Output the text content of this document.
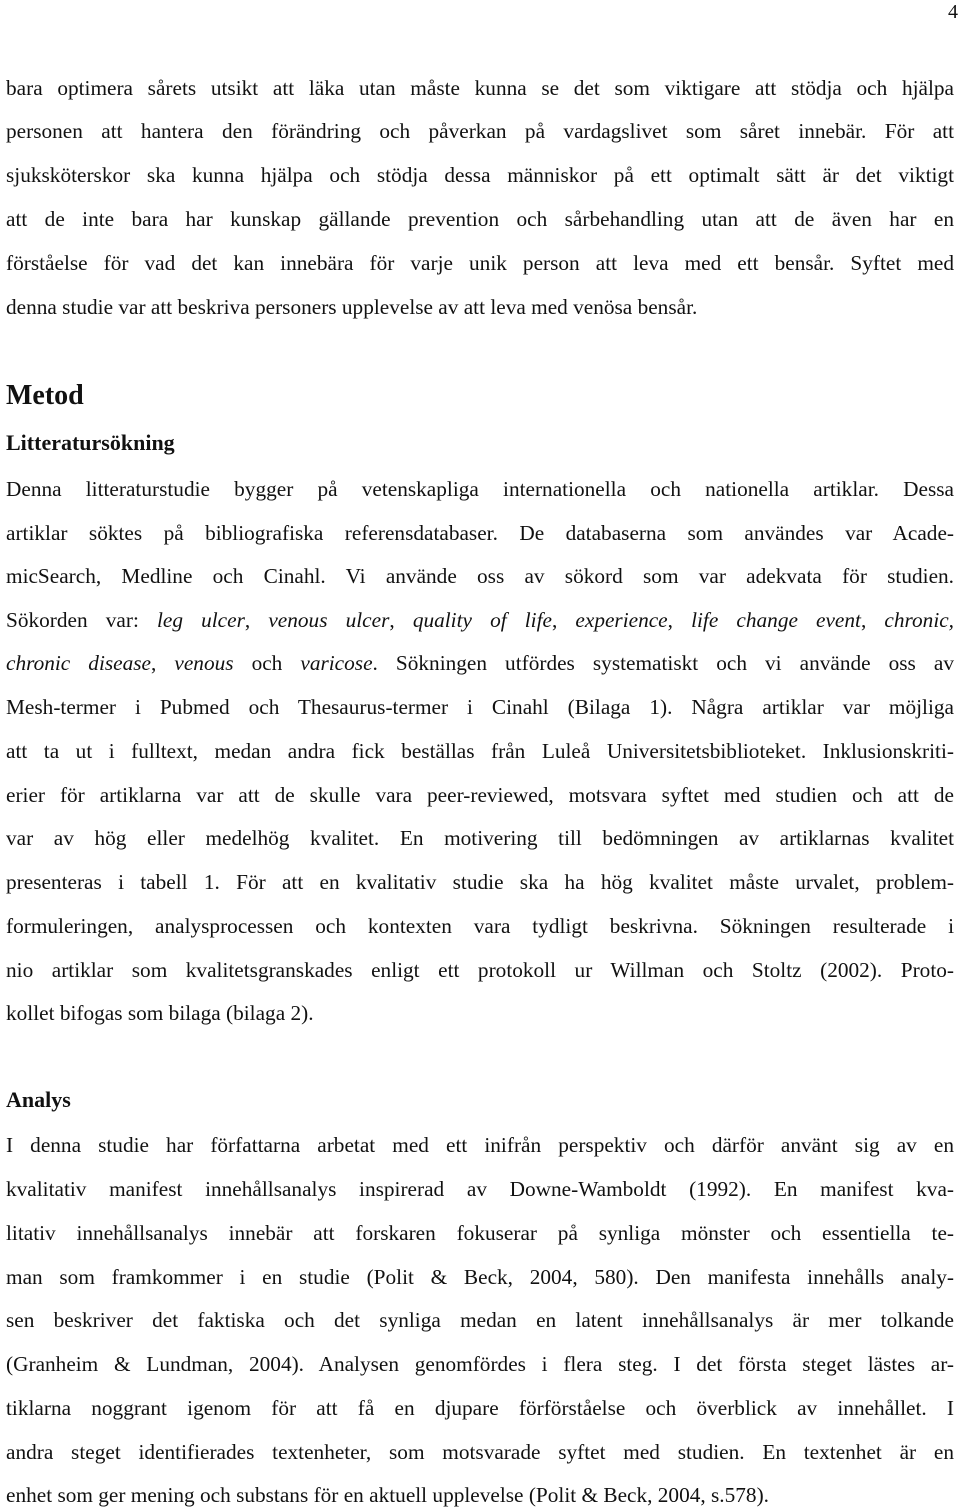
4
bara optimera sårets utsikt att läka utan måste kunna se det som viktigare att stödja och hjälpa
personen att hantera den förändring och påverkan på vardagslivet som såret innebär. För att
sjuksköterskor ska kunna hjälpa och stödja dessa människor på ett optimalt sätt är det viktigt
att de inte bara har kunskap gällande prevention och sårbehandling utan att de även har en
förståelse för vad det kan innebära för varje unik person att leva med ett bensår. Syftet med
denna studie var att beskriva personers upplevelse av att leva med venösa bensår.
Metod
Litteratursökning
Denna litteraturstudie bygger på vetenskapliga internationella och nationella artiklar. Dessa
artiklar söktes på bibliografiska referensdatabaser. De databaserna som användes var Acade-
micSearch, Medline och Cinahl. Vi använde oss av sökord som var adekvata för studien.
Sökorden var: leg ulcer, venous ulcer, quality of life, experience, life change event, chronic,
chronic disease, venous och varicose. Sökningen utfördes systematiskt och vi använde oss av
Mesh-termer i Pubmed och Thesaurus-termer i Cinahl (Bilaga 1). Några artiklar var möjliga
att ta ut i fulltext, medan andra fick beställas från Luleå Universitetsbiblioteket. Inklusionskriti-
erier för artiklarna var att de skulle vara peer-reviewed, motsvara syftet med studien och att de
var av hög eller medelhög kvalitet. En motivering till bedömningen av artiklarnas kvalitet
presenteras i tabell 1. För att en kvalitativ studie ska ha hög kvalitet måste urvalet, problem-
formuleringen, analysprocessen och kontexten vara tydligt beskrivna. Sökningen resulterade i
nio artiklar som kvalitetsgranskades enligt ett protokoll ur Willman och Stoltz (2002). Proto-
kollet bifogas som bilaga (bilaga 2).
Analys
I denna studie har författarna arbetat med ett inifrån perspektiv och därför använt sig av en
kvalitativ manifest innehållsanalys inspirerad av Downe-Wamboldt (1992). En manifest kva-
litativ innehållsanalys innebär att forskaren fokuserar på synliga mönster och essentiella te-
man som framkommer i en studie (Polit & Beck, 2004, 580). Den manifesta innehålls analy-
sen beskriver det faktiska och det synliga medan en latent innehållsanalys är mer tolkande
(Granheim & Lundman, 2004). Analysen genomfördes i flera steg. I det första steget lästes ar-
tiklarna noggrant igenom för att få en djupare förförståelse och överblick av innehållet. I
andra steget identifierades textenheter, som motsvarade syftet med studien. En textenhet är en
enhet som ger mening och substans för en aktuell upplevelse (Polit & Beck, 2004, s.578).
